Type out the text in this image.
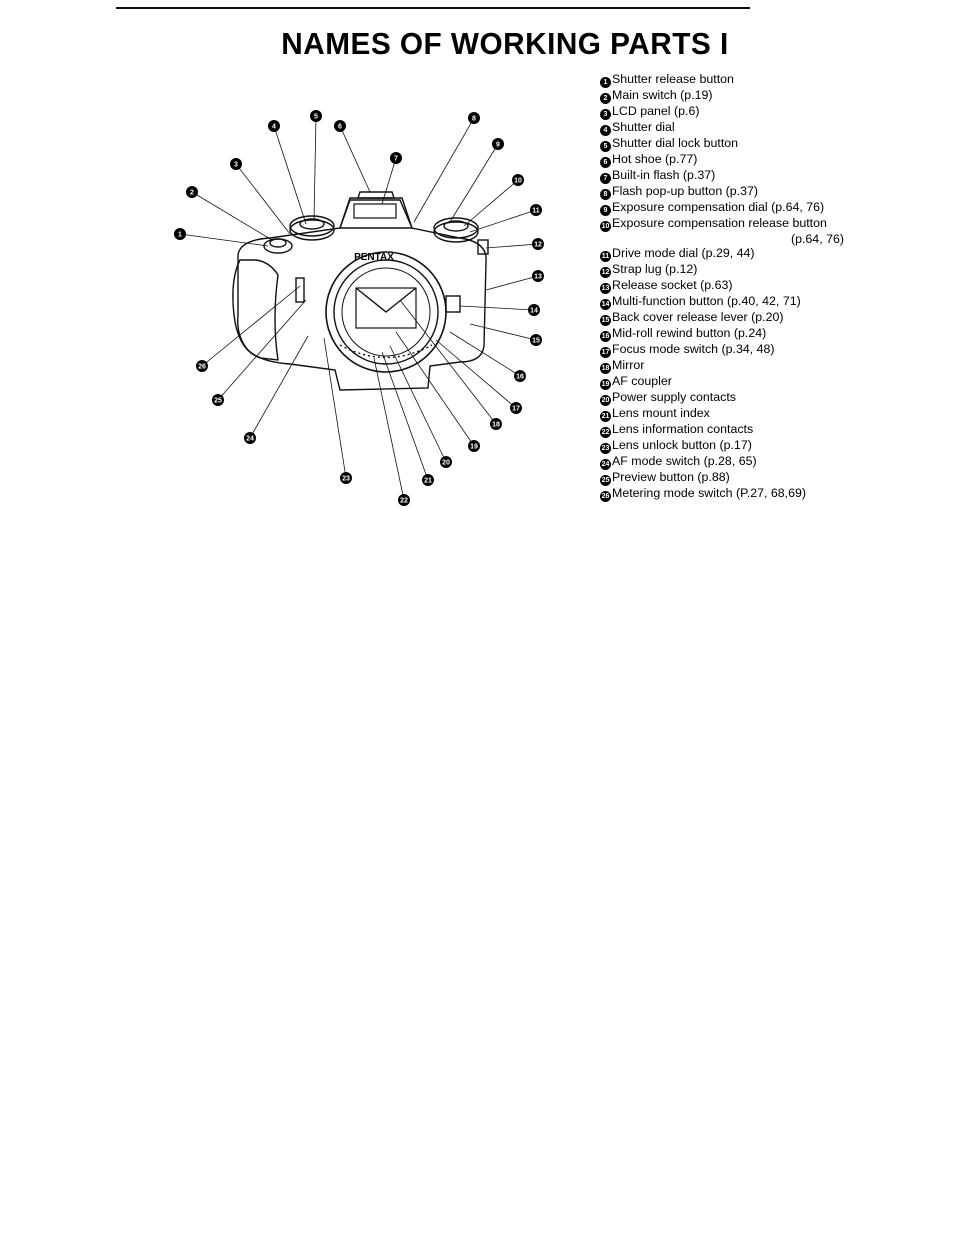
NAMES OF WORKING PARTS I
PENTAX
1
2
3
4
5
6
7
8
9
10
11
12
13
14
15
16
17
18
19
20
21
22
23
24
25
26
1 Shutter release button
2 Main switch (p.19)
3 LCD panel (p.6)
4 Shutter dial
5 Shutter dial lock button
6 Hot shoe (p.77)
7 Built-in flash (p.37)
8 Flash pop-up button (p.37)
9 Exposure compensation dial (p.64, 76)
10 Exposure compensation release button
(p.64, 76)
11 Drive mode dial (p.29, 44)
12 Strap lug (p.12)
13 Release socket (p.63)
14 Multi-function button (p.40, 42, 71)
15 Back cover release lever (p.20)
16 Mid-roll rewind button (p.24)
17 Focus mode switch (p.34, 48)
18 Mirror
19 AF coupler
20 Power supply contacts
21 Lens mount index
22 Lens information contacts
23 Lens unlock button (p.17)
24 AF mode switch (p.28, 65)
25 Preview button (p.88)
26 Metering mode switch (P.27, 68,69)
